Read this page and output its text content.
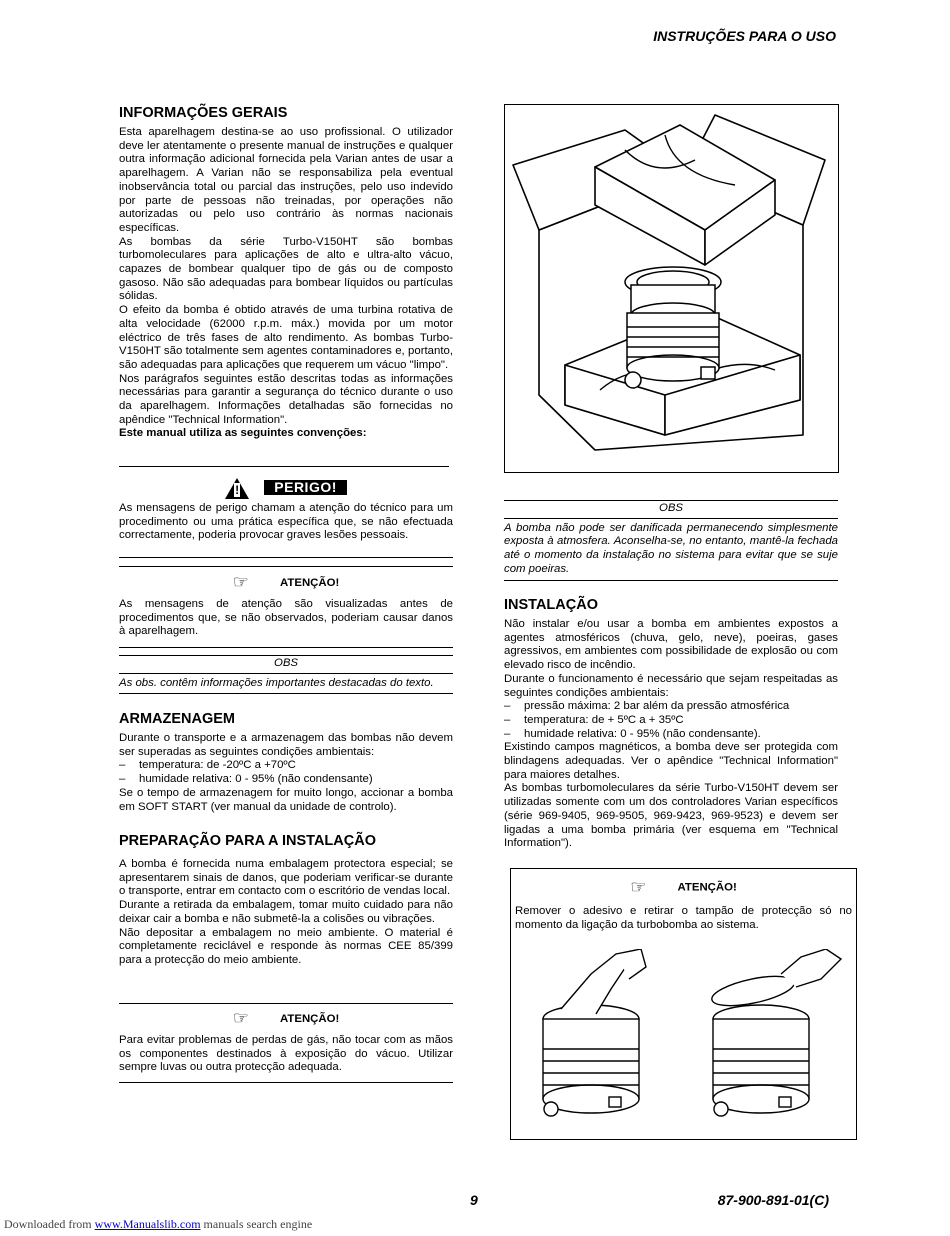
INSTRUÇÕES PARA O USO
INFORMAÇÕES GERAIS

Esta aparelhagem destina-se ao uso profissional. O utilizador deve ler atentamente o presente manual de instruções e qualquer outra informação adicional fornecida pela Varian antes de usar a aparelhagem. A Varian não se responsabiliza pela eventual inobservância total ou parcial das instruções, pelo uso indevido por parte de pessoas não treinadas, por operações não autorizadas ou pelo uso contrário às normas nacionais específicas.

As bombas da série Turbo-V150HT são bombas turbomoleculares para aplicações de alto e ultra-alto vácuo, capazes de bombear qualquer tipo de gás ou de composto gasoso. Não são adequadas para bombear líquidos ou partículas sólidas.

O efeito da bomba é obtido através de uma turbina rotativa de alta velocidade (62000 r.p.m. máx.) movida por um motor eléctrico de três fases de alto rendimento. As bombas Turbo-V150HT são totalmente sem agentes contaminadores e, portanto, são adequadas para aplicações que requerem um vácuo "limpo".

Nos parágrafos seguintes estão descritas todas as informações necessárias para garantir a segurança do técnico durante o uso da aparelhagem. Informações detalhadas são fornecidas no apêndice "Technical Information".

Este manual utiliza as seguintes convenções:

!	PERIGO!

As mensagens de perigo chamam a atenção do técnico para um procedimento ou uma prática específica que, se não efectuada correctamente, poderia provocar graves lesões pessoais.

☞	ATENÇÃO!

As mensagens de atenção são visualizadas antes de procedimentos que, se não observados, poderiam causar danos à aparelhagem.

OBS

As obs. contêm informações importantes destacadas do texto.

ARMAZENAGEM

Durante o transporte e a armazenagem das bombas não devem ser superadas as seguintes condições ambientais:

– temperatura: de -20ºC a +70ºC
– humidade relativa: 0 - 95% (não condensante)

Se o tempo de armazenagem for muito longo, accionar a bomba em SOFT START (ver manual da unidade de controlo).

PREPARAÇÃO PARA A INSTALAÇÃO

A bomba é fornecida numa embalagem protectora especial; se apresentarem sinais de danos, que poderiam verificar-se durante o transporte, entrar em contacto com o escritório de vendas local.

Durante a retirada da embalagem, tomar muito cuidado para não deixar cair a bomba e não submetê-la a colisões ou vibrações.

Não depositar a embalagem no meio ambiente. O material é completamente reciclável e responde às normas CEE 85/399 para a protecção do meio ambiente.

☞	ATENÇÃO!

Para evitar problemas de perdas de gás, não tocar com as mãos os componentes destinados à exposição do vácuo. Utilizar sempre luvas ou outra protecção adequada.

OBS

A bomba não pode ser danificada permanecendo simplesmente exposta à atmosfera. Aconselha-se, no entanto, mantê-la fechada até o momento da instalação no sistema para evitar que se suje com poeiras.

INSTALAÇÃO

Não instalar e/ou usar a bomba em ambientes expostos a agentes atmosféricos (chuva, gelo, neve), poeiras, gases agressivos, em ambientes com possibilidade de explosão ou com elevado risco de incêndio.

Durante o funcionamento é necessário que sejam respeitadas as seguintes condições ambientais:

– pressão máxima: 2 bar além da pressão atmosférica
– temperatura: de + 5ºC a + 35ºC
– humidade relativa: 0 - 95% (não condensante).

Existindo campos magnéticos, a bomba deve ser protegida com blindagens adequadas. Ver o apêndice "Technical Information" para maiores detalhes.

As bombas turbomoleculares da série Turbo-V150HT devem ser utilizadas somente com um dos controladores Varian específicos (série 969-9405, 969-9505, 969-9423, 969-9523) e devem ser ligadas a uma bomba primária (ver esquema em "Technical Information").

☞	ATENÇÃO!

Remover o adesivo e retirar o tampão de protecção só no momento da ligação da turbobomba ao sistema.

9	87-900-891-01(C)
Downloaded from www.Manualslib.com manuals search engine
